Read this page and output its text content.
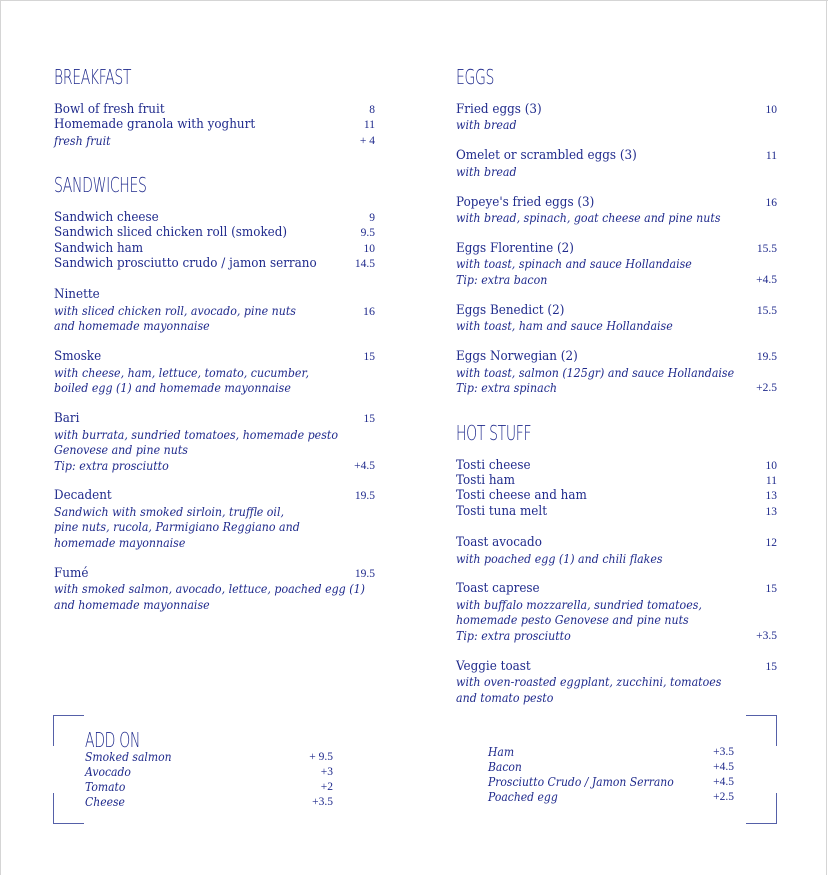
BREAKFAST
Bowl of fresh fruit	8
Homemade granola with yoghurt	11
fresh fruit	+ 4
SANDWICHES
Sandwich cheese	9
Sandwich sliced chicken roll (smoked)	9.5
Sandwich ham	10
Sandwich prosciutto crudo / jamon serrano	14.5
Ninette
with sliced chicken roll, avocado, pine nuts	16
and homemade mayonnaise
Smoske	15
with cheese, ham, lettuce, tomato, cucumber,
boiled egg (1) and homemade mayonnaise
Bari	15
with burrata, sundried tomatoes, homemade pesto
Genovese and pine nuts
Tip: extra prosciutto	+4.5
Decadent	19.5
Sandwich with smoked sirloin, truffle oil,
pine nuts, rucola, Parmigiano Reggiano and
homemade mayonnaise
Fumé	19.5
with smoked salmon, avocado, lettuce, poached egg (1)
and homemade mayonnaise
EGGS
Fried eggs (3)	10
with bread
Omelet or scrambled eggs (3)	11
with bread
Popeye's fried eggs (3)	16
with bread, spinach, goat cheese and pine nuts
Eggs Florentine (2)	15.5
with toast, spinach and sauce Hollandaise
Tip: extra bacon	+4.5
Eggs Benedict (2)	15.5
with toast, ham and sauce Hollandaise
Eggs Norwegian (2)	19.5
with toast, salmon (125gr) and sauce Hollandaise
Tip: extra spinach	+2.5
HOT STUFF
Tosti cheese	10
Tosti ham	11
Tosti cheese and ham	13
Tosti tuna melt	13
Toast avocado	12
with poached egg (1) and chili flakes
Toast caprese	15
with buffalo mozzarella, sundried tomatoes,
homemade pesto Genovese and pine nuts
Tip: extra prosciutto	+3.5
Veggie toast	15
with oven-roasted eggplant, zucchini, tomatoes
and tomato pesto
ADD ON
Smoked salmon	+ 9.5
Avocado	+3
Tomato	+2
Cheese	+3.5
Ham	+3.5
Bacon	+4.5
Prosciutto Crudo / Jamon Serrano	+4.5
Poached egg	+2.5
